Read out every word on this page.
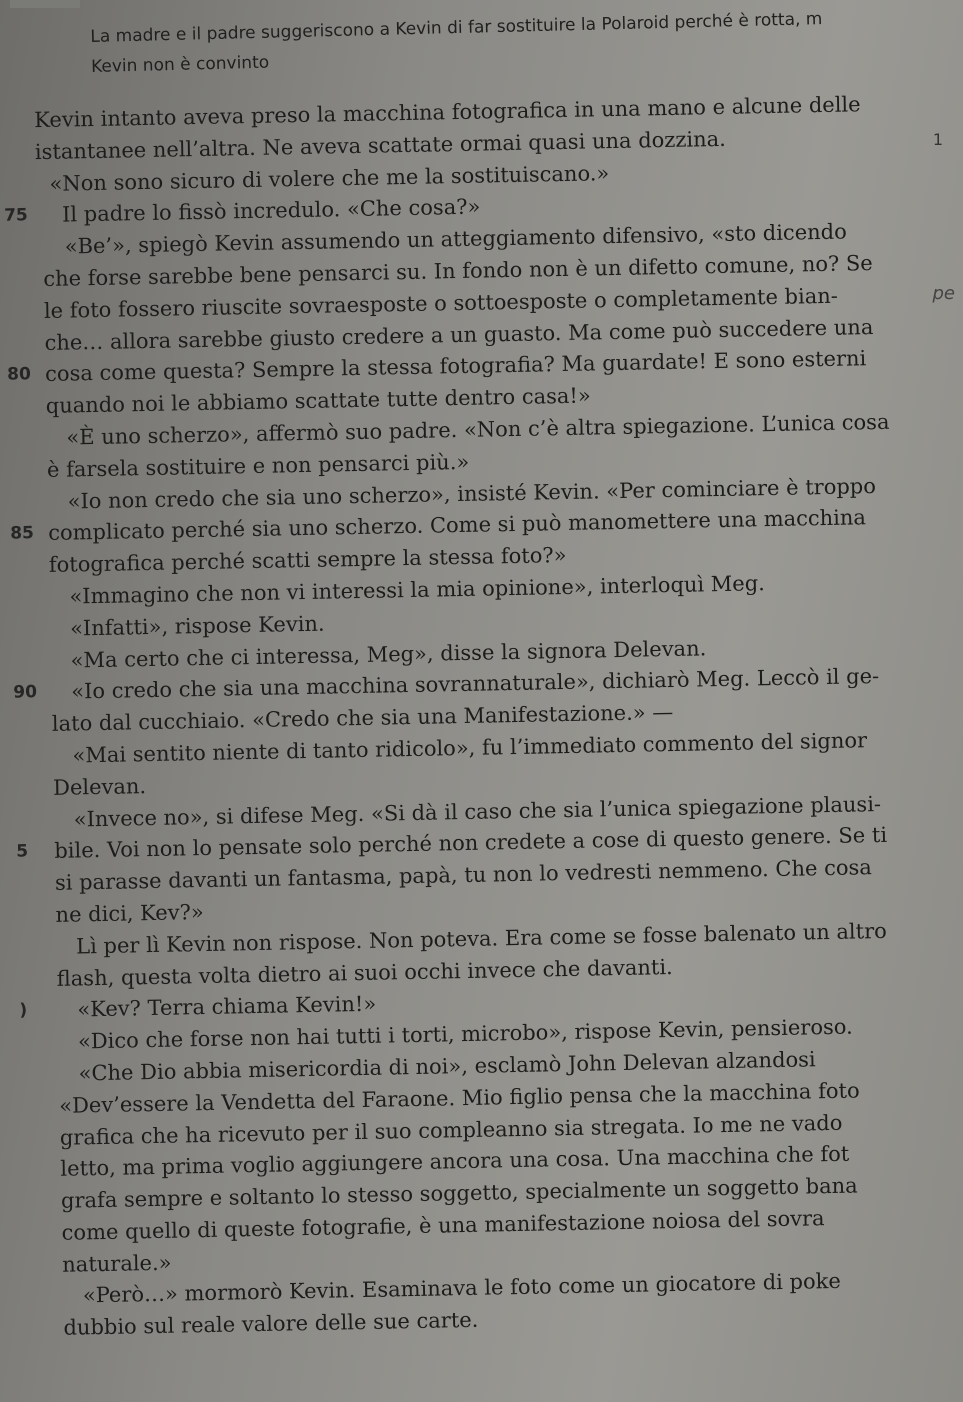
La madre e il padre suggeriscono a Kevin di far sostituire la Polaroid perché è rotta, m
Kevin non è convinto
1
pe
Kevin intanto aveva preso la macchina fotografica in una mano e alcune delle
istantanee nell’altra. Ne aveva scattate ormai quasi una dozzina.
«Non sono sicuro di volere che me la sostituiscano.»
75 Il padre lo fissò incredulo. «Che cosa?»
«Be’», spiegò Kevin assumendo un atteggiamento difensivo, «sto dicendo
che forse sarebbe bene pensarci su. In fondo non è un difetto comune, no? Se
le foto fossero riuscite sovraesposte o sottoesposte o completamente bian-
che… allora sarebbe giusto credere a un guasto. Ma come può succedere una
80 cosa come questa? Sempre la stessa fotografia? Ma guardate! E sono esterni
quando noi le abbiamo scattate tutte dentro casa!»
«È uno scherzo», affermò suo padre. «Non c’è altra spiegazione. L’unica cosa
è farsela sostituire e non pensarci più.»
«Io non credo che sia uno scherzo», insisté Kevin. «Per cominciare è troppo
85 complicato perché sia uno scherzo. Come si può manomettere una macchina
fotografica perché scatti sempre la stessa foto?»
«Immagino che non vi interessi la mia opinione», interloquì Meg.
«Infatti», rispose Kevin.
«Ma certo che ci interessa, Meg», disse la signora Delevan.
90 «Io credo che sia una macchina sovrannaturale», dichiarò Meg. Leccò il ge-
lato dal cucchiaio. «Credo che sia una Manifestazione.» —
«Mai sentito niente di tanto ridicolo», fu l’immediato commento del signor
Delevan.
«Invece no», si difese Meg. «Si dà il caso che sia l’unica spiegazione plausi-
5 bile. Voi non lo pensate solo perché non credete a cose di questo genere. Se ti
si parasse davanti un fantasma, papà, tu non lo vedresti nemmeno. Che cosa
ne dici, Kev?»
Lì per lì Kevin non rispose. Non poteva. Era come se fosse balenato un altro
flash, questa volta dietro ai suoi occhi invece che davanti.
) «Kev? Terra chiama Kevin!»
«Dico che forse non hai tutti i torti, microbo», rispose Kevin, pensieroso.
«Che Dio abbia misericordia di noi», esclamò John Delevan alzandosi
«Dev’essere la Vendetta del Faraone. Mio figlio pensa che la macchina foto
grafica che ha ricevuto per il suo compleanno sia stregata. Io me ne vado
letto, ma prima voglio aggiungere ancora una cosa. Una macchina che fot
grafa sempre e soltanto lo stesso soggetto, specialmente un soggetto bana
come quello di queste fotografie, è una manifestazione noiosa del sovra
naturale.»
«Però…» mormorò Kevin. Esaminava le foto come un giocatore di poke
dubbio sul reale valore delle sue carte.
